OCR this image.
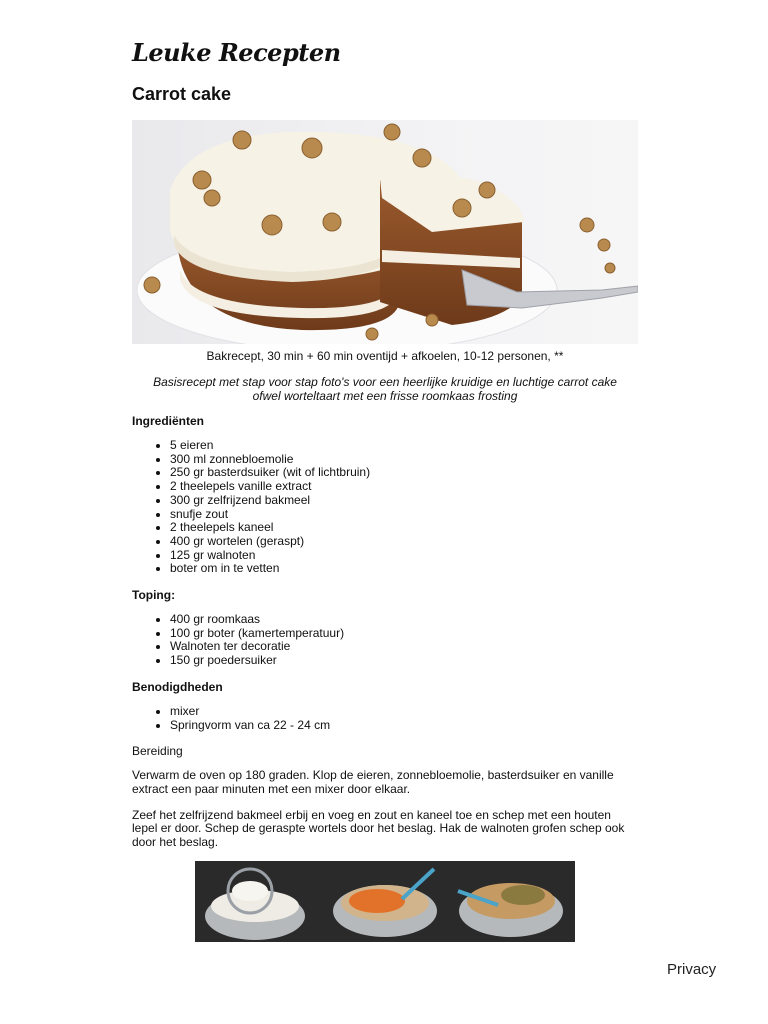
Leuke Recepten
Carrot cake
Bakrecept, 30 min + 60 min oventijd + afkoelen, 10-12 personen, **
Basisrecept met stap voor stap foto's voor een heerlijke kruidige en luchtige carrot cake
ofwel worteltaart met een frisse roomkaas frosting
Ingrediënten
• 5 eieren
• 300 ml zonnebloemolie
• 250 gr basterdsuiker (wit of lichtbruin)
• 2 theelepels vanille extract
• 300 gr zelfrijzend bakmeel
• snufje zout
• 2 theelepels kaneel
• 400 gr wortelen (geraspt)
• 125 gr walnoten
• boter om in te vetten
Toping:
• 400 gr roomkaas
• 100 gr boter (kamertemperatuur)
• Walnoten ter decoratie
• 150 gr poedersuiker
Benodigdheden
• mixer
• Springvorm van ca 22 - 24 cm
Bereiding

Verwarm de oven op 180 graden. Klop de eieren, zonnebloemolie, basterdsuiker en vanille extract een paar minuten met een mixer door elkaar.

Zeef het zelfrijzend bakmeel erbij en voeg en zout en kaneel toe en schep met een houten lepel er door. Schep de geraspte wortels door het beslag. Hak de walnoten grofen schep ook door het beslag.

Privacy
